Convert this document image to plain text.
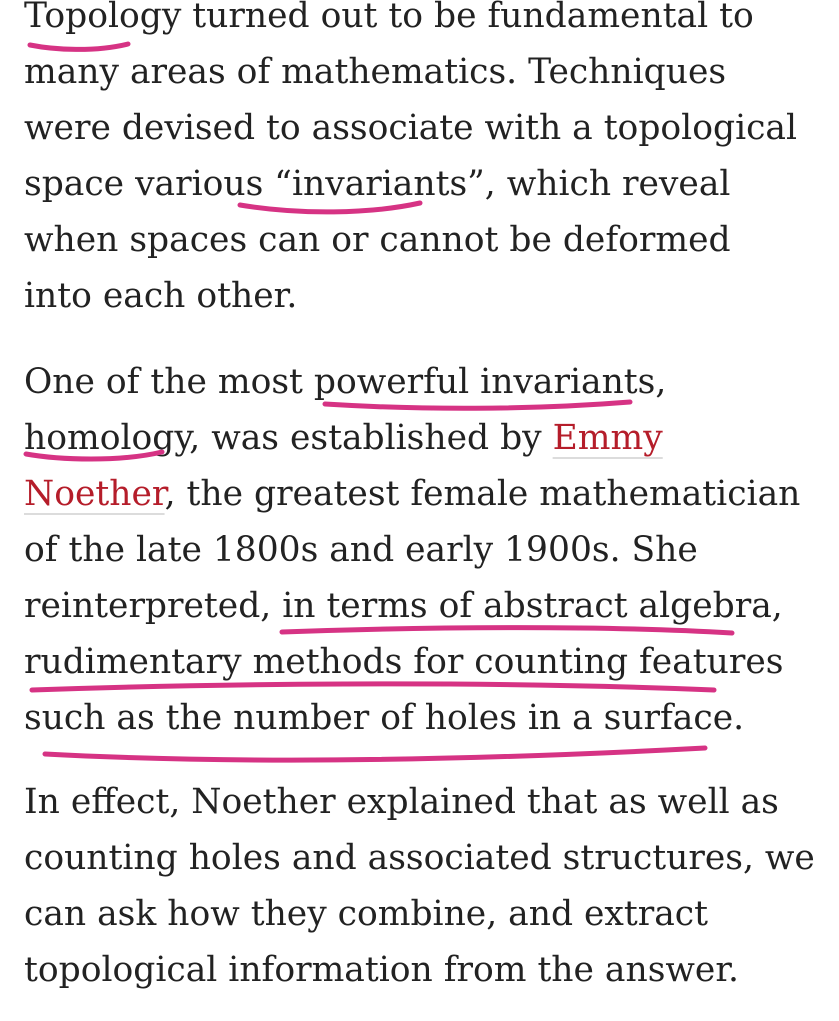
Topology turned out to be fundamental to
many areas of mathematics. Techniques
were devised to associate with a topological
space various “invariants”, which reveal
when spaces can or cannot be deformed
into each other.
One of the most powerful invariants,
homology, was established by Emmy
Noether, the greatest female mathematician
of the late 1800s and early 1900s. She
reinterpreted, in terms of abstract algebra,
rudimentary methods for counting features
such as the number of holes in a surface.
In effect, Noether explained that as well as
counting holes and associated structures, we
can ask how they combine, and extract
topological information from the answer.
